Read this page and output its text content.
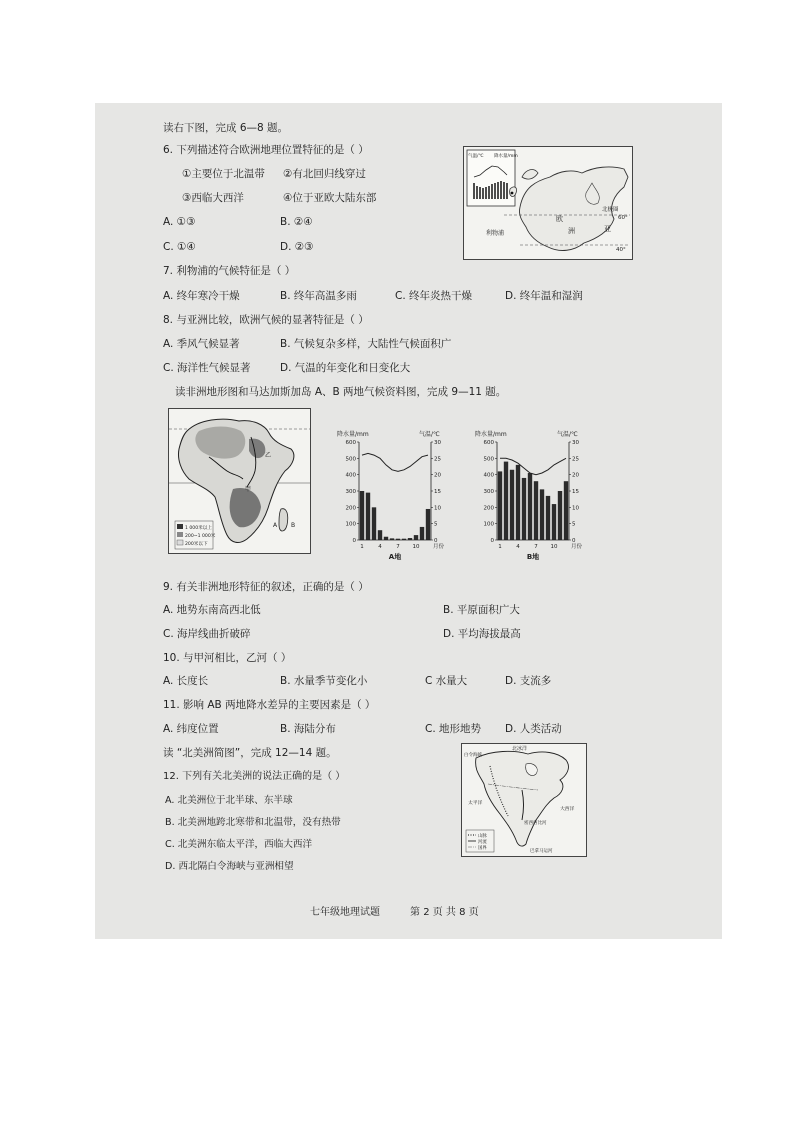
读右下图，完成 6—8 题。
6. 下列描述符合欧洲地理位置特征的是（ ）
①主要位于北温带 ②有北回归线穿过
③西临大西洋	④位于亚欧大陆东部
A. ①③	B. ②④
C. ①④	D. ②③
7. 利物浦的气候特征是（ ）
A. 终年寒冷干燥	B. 终年高温多雨	C. 终年炎热干燥	D. 终年温和湿润
8. 与亚洲比较，欧洲气候的显著特征是（ ）
A. 季风气候显著	B. 气候复杂多样，大陆性气候面积广
C. 海洋性气候显著	D. 气温的年变化和日变化大
气温/℃ 降水量/mm
利物浦
欧
洲	亚
北极圈
60°
40°
读非洲地形图和马达加斯加岛 A、B 两地气候资料图，完成 9—11 题。
甲
乙
A B
1 000米以上
200~1 000米
200米以下
降水量/mm	气温/℃
0
100
200
300
400
500
600
0
5
10
15
20
25
30
1	4	7 10 月份
A地
降水量/mm	气温/℃
0
100
200
300
400
500
600
0
5
10
15
20
25
30
1	4	7 10 月份
B地
9. 有关非洲地形特征的叙述，正确的是（ ）
A. 地势东南高西北低	B. 平原面积广大
C. 海岸线曲折破碎	D. 平均海拔最高
10. 与甲河相比，乙河（ ）
A. 长度长	B. 水量季节变化小	C 水量大	D. 支流多
11. 影响 AB 两地降水差异的主要因素是（ ）
A. 纬度位置	B. 海陆分布	C. 地形地势 D. 人类活动
读 “北美洲简图”，完成 12—14 题。
12. 下列有关北美洲的说法正确的是（ ）
A. 北美洲位于北半球、东半球
B. 北美洲地跨北寒带和北温带，没有热带
C. 北美洲东临太平洋，西临大西洋
D. 西北隔白令海峡与亚洲相望
北冰洋
白令海峡
太平洋
大西洋
密西西比河
巴拿马运河
山脉
河流
国界
七年级地理试题	第 2 页 共 8 页
